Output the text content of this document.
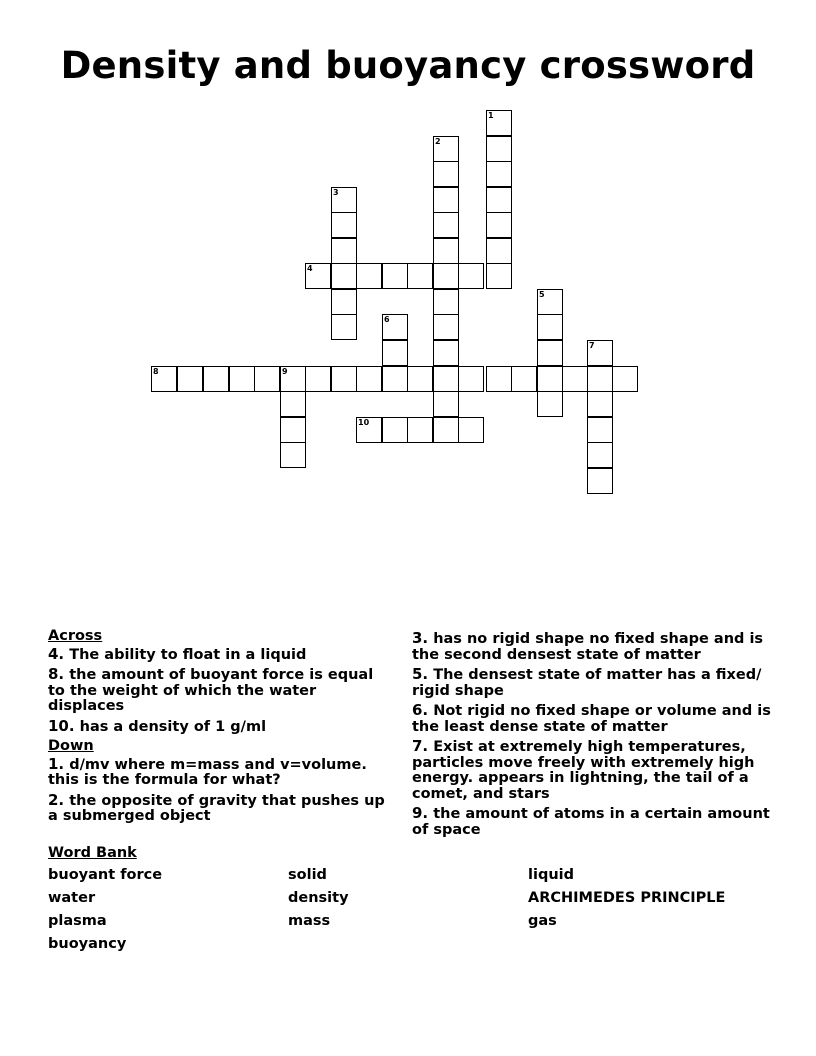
Density and buoyancy crossword
1
2
3
4
5
6
7
8	9
10
Across
4. The ability to float in a liquid
8. the amount of buoyant force is equal to the weight of which the water displaces
10. has a density of 1 g/ml
Down
1. d/mv where m=mass and v=volume. this is the formula for what?
2. the opposite of gravity that pushes up a submerged object
3. has no rigid shape no fixed shape and is the second densest state of matter
5. The densest state of matter has a fixed/ rigid shape
6. Not rigid no fixed shape or volume and is the least dense state of matter
7. Exist at extremely high temperatures, particles move freely with extremely high energy. appears in lightning, the tail of a comet, and stars
9. the amount of atoms in a certain amount of space
Word Bank
buoyant force	solid	liquid
water	density	ARCHIMEDES PRINCIPLE
plasma	mass	gas
buoyancy
